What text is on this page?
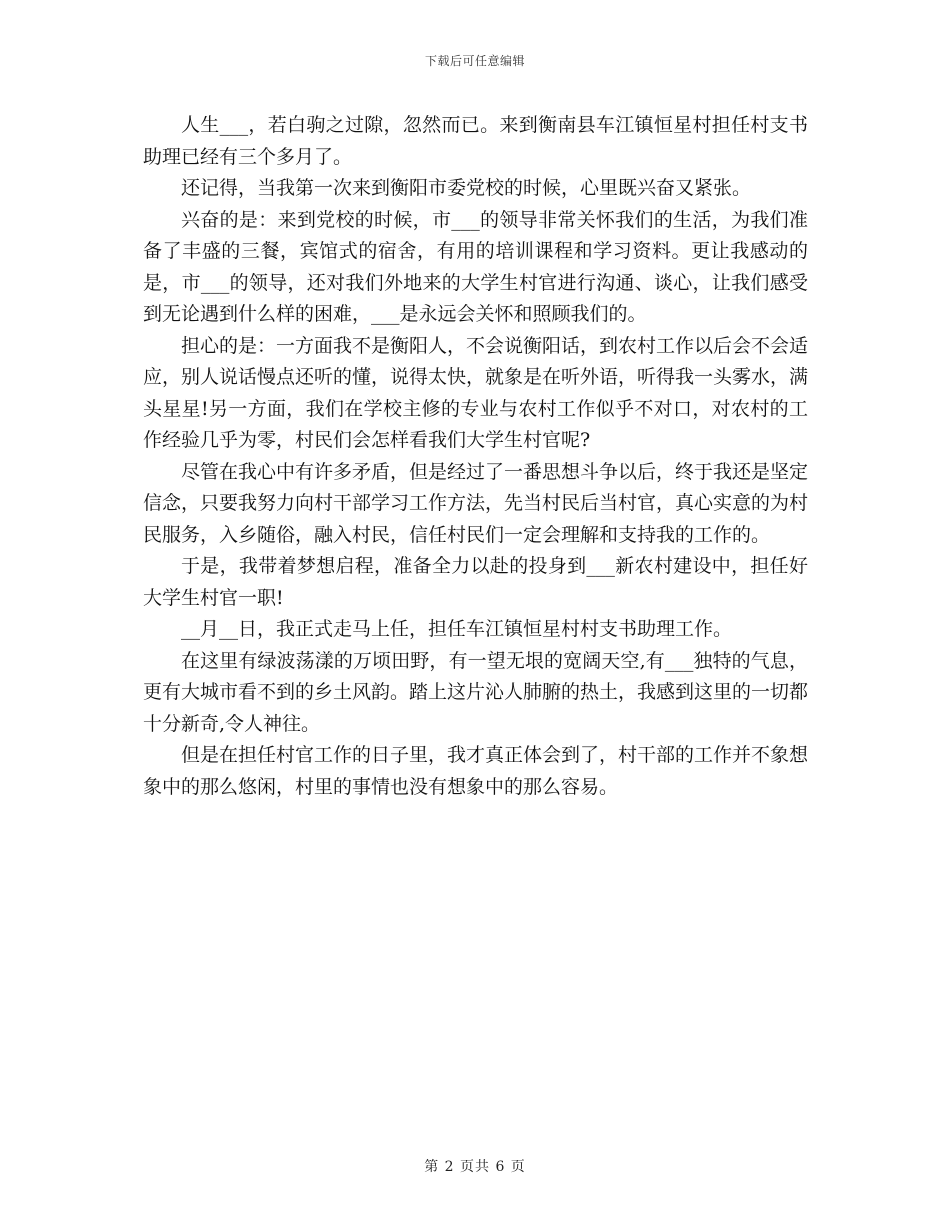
下载后可任意编辑

人生___，若白驹之过隙，忽然而已。来到衡南县车江镇恒星村担任村支书助理已经有三个多月了。

还记得，当我第一次来到衡阳市委党校的时候，心里既兴奋又紧张。

兴奋的是：来到党校的时候，市___的领导非常关怀我们的生活，为我们准备了丰盛的三餐，宾馆式的宿舍，有用的培训课程和学习资料。更让我感动的是，市___的领导，还对我们外地来的大学生村官进行沟通、谈心，让我们感受到无论遇到什么样的困难，___是永远会关怀和照顾我们的。

担心的是：一方面我不是衡阳人，不会说衡阳话，到农村工作以后会不会适应，别人说话慢点还听的懂，说得太快，就象是在听外语，听得我一头雾水，满头星星!另一方面，我们在学校主修的专业与农村工作似乎不对口，对农村的工作经验几乎为零，村民们会怎样看我们大学生村官呢?

尽管在我心中有许多矛盾，但是经过了一番思想斗争以后，终于我还是坚定信念，只要我努力向村干部学习工作方法，先当村民后当村官，真心实意的为村民服务，入乡随俗，融入村民，信任村民们一定会理解和支持我的工作的。

于是，我带着梦想启程，准备全力以赴的投身到___新农村建设中，担任好大学生村官一职!

__月__日，我正式走马上任，担任车江镇恒星村村支书助理工作。

在这里有绿波荡漾的万顷田野，有一望无垠的宽阔天空,有___独特的气息，更有大城市看不到的乡土风韵。踏上这片沁人肺腑的热土，我感到这里的一切都十分新奇,令人神往。

但是在担任村官工作的日子里，我才真正体会到了，村干部的工作并不象想象中的那么悠闲，村里的事情也没有想象中的那么容易。

第 2 页共 6 页
